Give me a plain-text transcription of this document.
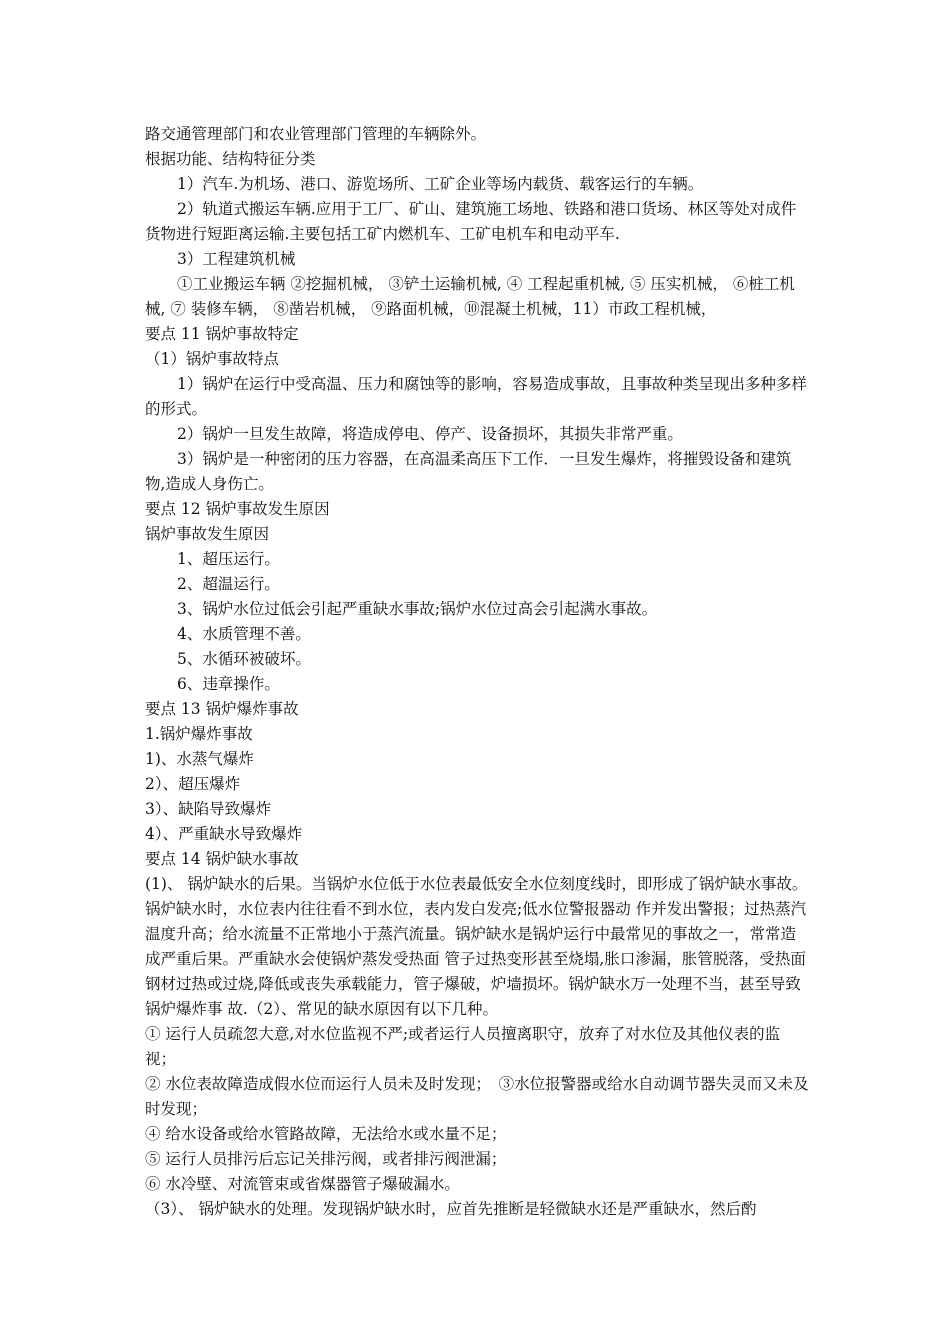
路交通管理部门和农业管理部门管理的车辆除外。

根据功能、结构特征分类

1）汽车.为机场、港口、游览场所、工矿企业等场内载货、载客运行的车辆。

2）轨道式搬运车辆.应用于工厂、矿山、建筑施工场地、铁路和港口货场、林区等处对成件货物进行短距离运输.主要包括工矿内燃机车、工矿电机车和电动平车.

3）工程建筑机械

①工业搬运车辆 ②挖掘机械， ③铲土运输机械, ④ 工程起重机械, ⑤ 压实机械， ⑥桩工机械, ⑦ 装修车辆， ⑧凿岩机械， ⑨路面机械，⑩混凝土机械，11）市政工程机械，

要点 11 锅炉事故特定

（1）锅炉事故特点

1）锅炉在运行中受高温、压力和腐蚀等的影响，容易造成事故，且事故种类呈现出多种多样的形式。

2）锅炉一旦发生故障，将造成停电、停产、设备损坏，其损失非常严重。

3）锅炉是一种密闭的压力容器，在高温柔高压下工作．一旦发生爆炸，将摧毁设备和建筑物,造成人身伤亡。

要点 12 锅炉事故发生原因

锅炉事故发生原因

1、超压运行。

2、超温运行。

3、锅炉水位过低会引起严重缺水事故;锅炉水位过高会引起满水事故。

4、水质管理不善。

5、水循环被破坏。

6、违章操作。

要点 13 锅炉爆炸事故

1.锅炉爆炸事故

1)、水蒸气爆炸

2）、超压爆炸

3）、缺陷导致爆炸

4）、严重缺水导致爆炸

要点 14 锅炉缺水事故

(1)、 锅炉缺水的后果。当锅炉水位低于水位表最低安全水位刻度线时，即形成了锅炉缺水事故。锅炉缺水时，水位表内往往看不到水位，表内发白发亮;低水位警报器动 作并发出警报；过热蒸汽温度升高；给水流量不正常地小于蒸汽流量。锅炉缺水是锅炉运行中最常见的事故之一，常常造成严重后果。严重缺水会使锅炉蒸发受热面 管子过热变形甚至烧塌,胀口渗漏，胀管脱落，受热面钢材过热或过烧,降低或丧失承载能力，管子爆破，炉墙损坏。锅炉缺水万一处理不当，甚至导致锅炉爆炸事 故.（2）、常见的缺水原因有以下几种。

① 运行人员疏忽大意,对水位监视不严;或者运行人员擅离职守，放弃了对水位及其他仪表的监视；

② 水位表故障造成假水位而运行人员未及时发现；　③水位报警器或给水自动调节器失灵而又未及时发现；

④ 给水设备或给水管路故障，无法给水或水量不足；

⑤ 运行人员排污后忘记关排污阀，或者排污阀泄漏；

⑥ 水冷壁、对流管束或省煤器管子爆破漏水。

（3）、 锅炉缺水的处理。发现锅炉缺水时，应首先推断是轻微缺水还是严重缺水，然后酌
